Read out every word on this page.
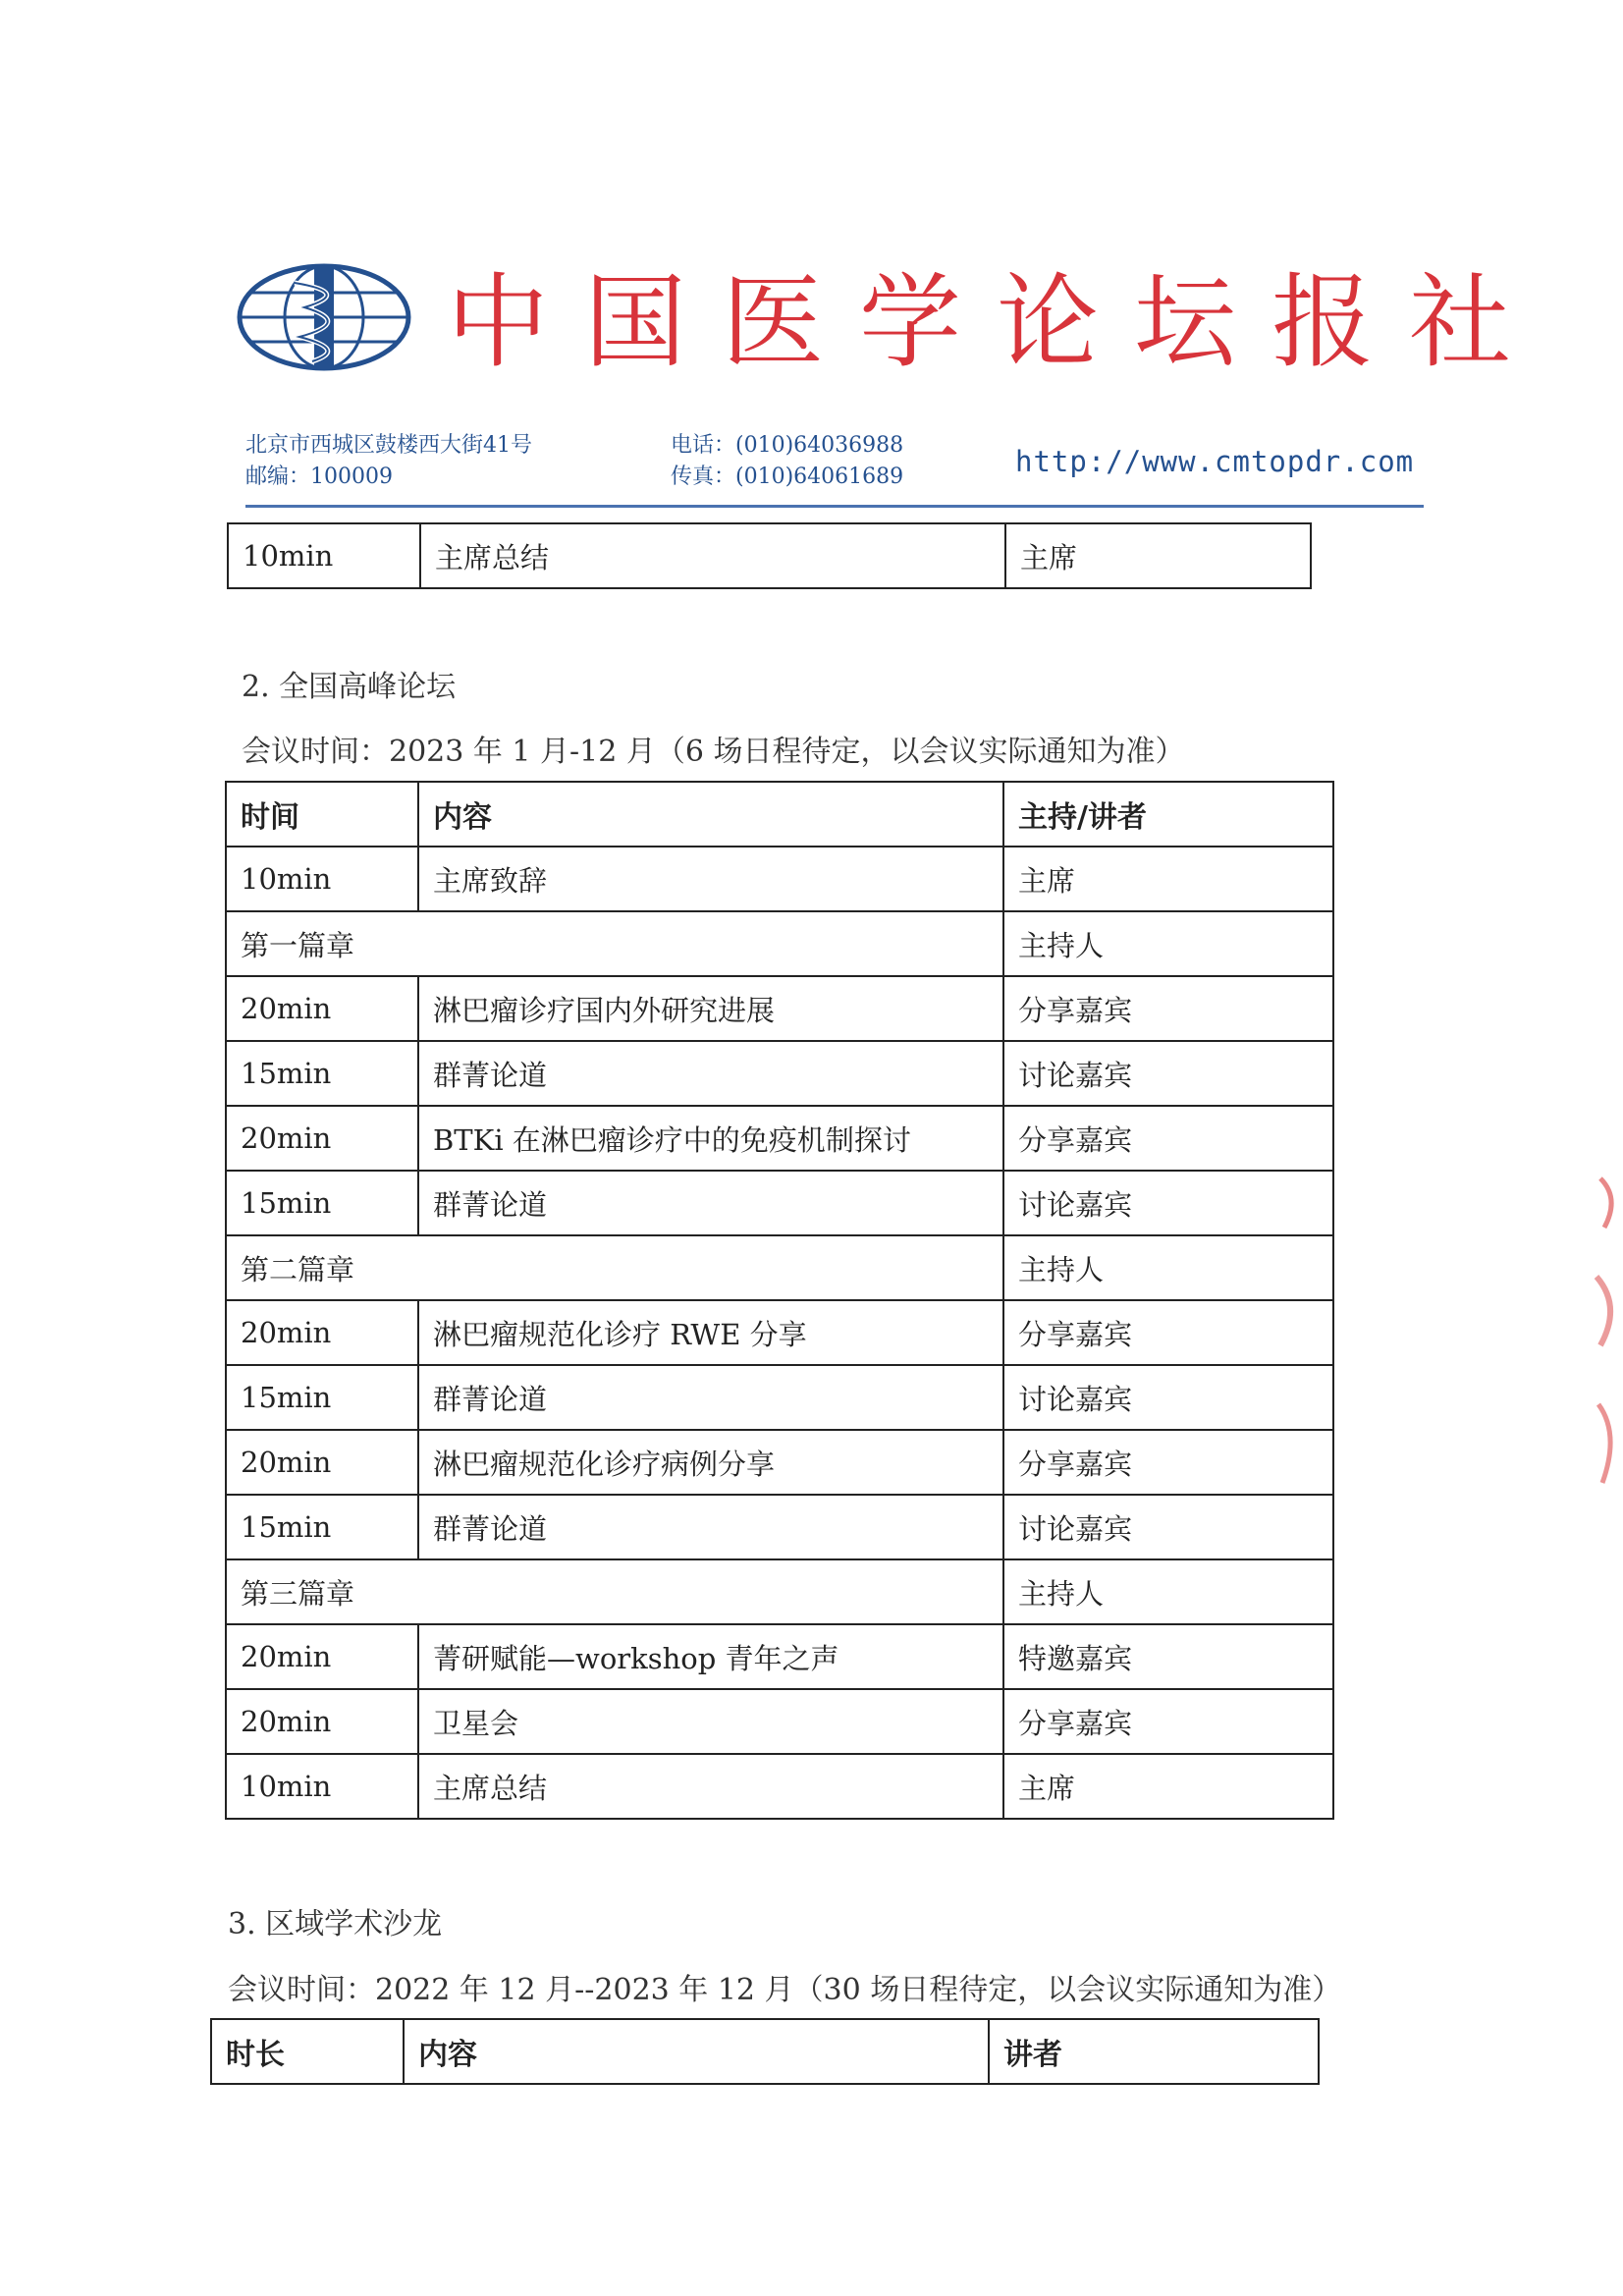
中国医学论坛报社
北京市西城区鼓楼西大街41号
邮编：100009
电话：(010)64036988
传真：(010)64061689	http://www.cmtopdr.com
10min	主席总结	主席
2. 全国高峰论坛
会议时间：2023 年 1 月-12 月（6 场日程待定，以会议实际通知为准）
时间	内容	主持/讲者
10min	主席致辞	主席
第一篇章		主持人
20min	淋巴瘤诊疗国内外研究进展	分享嘉宾
15min	群菁论道	讨论嘉宾
20min	BTKi 在淋巴瘤诊疗中的免疫机制探讨	分享嘉宾
15min	群菁论道	讨论嘉宾
第二篇章		主持人
20min	淋巴瘤规范化诊疗 RWE 分享	分享嘉宾
15min	群菁论道	讨论嘉宾
20min	淋巴瘤规范化诊疗病例分享	分享嘉宾
15min	群菁论道	讨论嘉宾
第三篇章		主持人
20min	菁研赋能—workshop 青年之声	特邀嘉宾
20min	卫星会	分享嘉宾
10min	主席总结	主席
3. 区域学术沙龙
会议时间：2022 年 12 月--2023 年 12 月（30 场日程待定，以会议实际通知为准）
时长	内容	讲者
